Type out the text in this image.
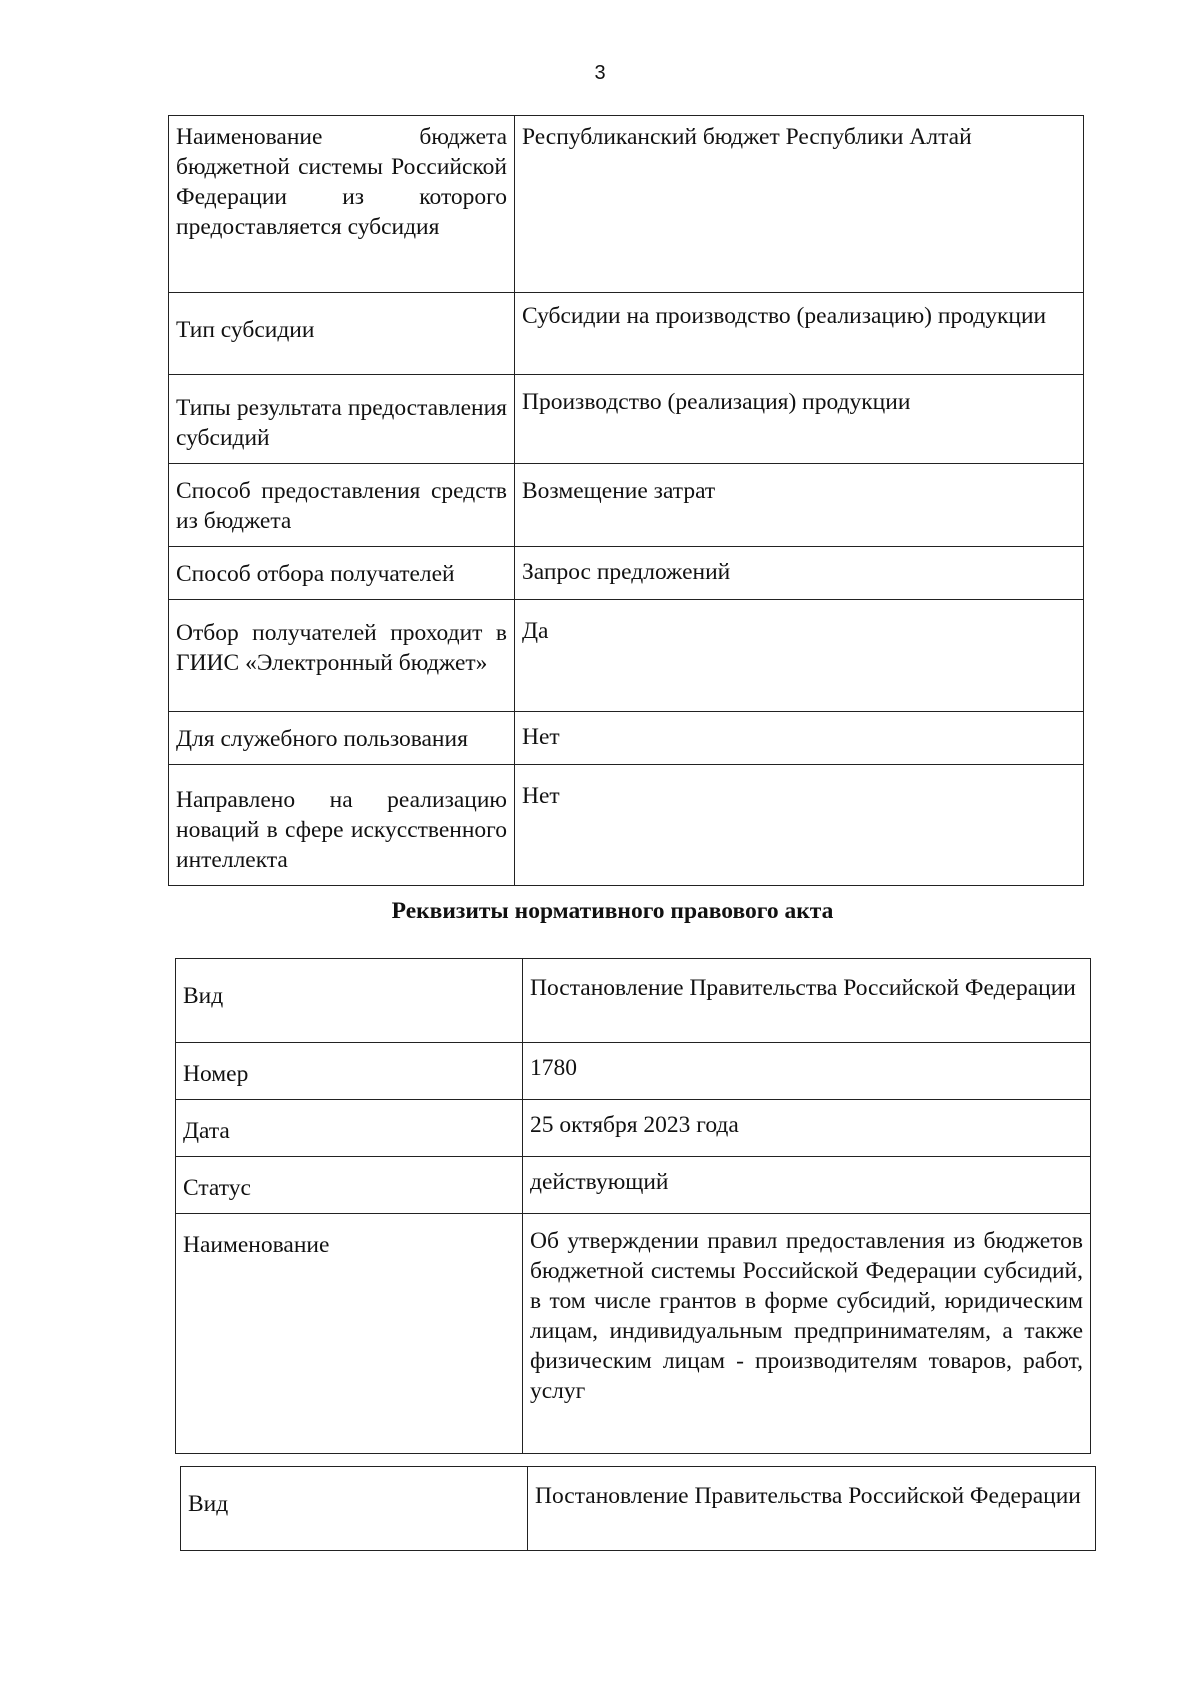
3
Наименование бюджета бюджетной системы Российской Федерации из которого предоставляется субсидия	Республиканский бюджет Республики Алтай
Тип субсидии	Субсидии на производство (реализацию) продукции
Типы результата предоставления субсидий	Производство (реализация) продукции
Способ предоставления средств из бюджета	Возмещение затрат
Способ отбора получателей	Запрос предложений
Отбор получателей проходит в ГИИС «Электронный бюджет»	Да
Для служебного пользования	Нет
Направлено на реализацию новаций в сфере искусственного интеллекта	Нет
Реквизиты нормативного правового акта
Вид	Постановление Правительства Российской Федерации
Номер	1780
Дата	25 октября 2023 года
Статус	действующий
Наименование	Об утверждении правил предоставления из бюджетов бюджетной системы Российской Федерации субсидий, в том числе грантов в форме субсидий, юридическим лицам, индивидуальным предпринимателям, а также физическим лицам - производителям товаров, работ, услуг
Вид	Постановление Правительства Российской Федерации
